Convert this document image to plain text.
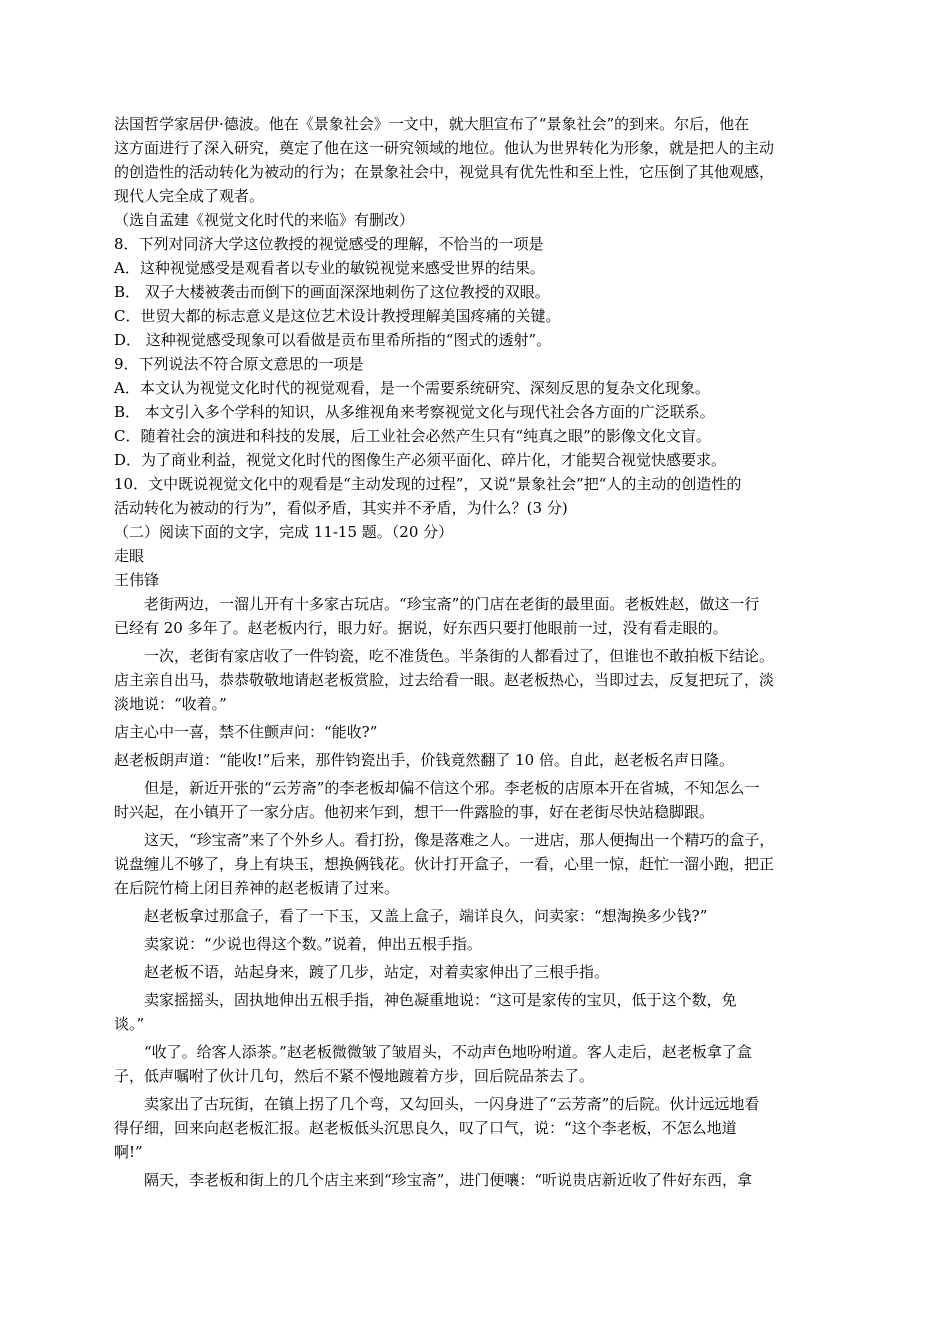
法国哲学家居伊·德波。他在《景象社会》一文中，就大胆宣布了“景象社会”的到来。尔后，他在
这方面进行了深入研究，奠定了他在这一研究领域的地位。他认为世界转化为形象，就是把人的主动
的创造性的活动转化为被动的行为；在景象社会中，视觉具有优先性和至上性，它压倒了其他观感，
现代人完全成了观者。
（选自孟建《视觉文化时代的来临》有删改）
8．下列对同济大学这位教授的视觉感受的理解，不恰当的一项是
A．这种视觉感受是观看者以专业的敏锐视觉来感受世界的结果。
B． 双子大楼被袭击而倒下的画面深深地刺伤了这位教授的双眼。
C．世贸大都的标志意义是这位艺术设计教授理解美国疼痛的关键。
D． 这种视觉感受现象可以看做是贡布里希所指的“图式的透射”。
9．下列说法不符合原文意思的一项是
A．本文认为视觉文化时代的视觉观看，是一个需要系统研究、深刻反思的复杂文化现象。
B． 本文引入多个学科的知识，从多维视角来考察视觉文化与现代社会各方面的广泛联系。
C．随着社会的演进和科技的发展，后工业社会必然产生只有“纯真之眼”的影像文化文盲。
D．为了商业利益，视觉文化时代的图像生产必须平面化、碎片化，才能契合视觉快感要求。
10．文中既说视觉文化中的观看是“主动发现的过程”，又说“景象社会”把“人的主动的创造性的
活动转化为被动的行为”，看似矛盾，其实并不矛盾，为什么？(3 分)
（二）阅读下面的文字，完成 11-15 题。（20 分）
走眼
王伟锋
老街两边，一溜儿开有十多家古玩店。“珍宝斋”的门店在老街的最里面。老板姓赵，做这一行
已经有 20 多年了。赵老板内行，眼力好。据说，好东西只要打他眼前一过，没有看走眼的。
一次，老街有家店收了一件钧瓷，吃不准货色。半条街的人都看过了，但谁也不敢拍板下结论。
店主亲自出马，恭恭敬敬地请赵老板赏脸，过去给看一眼。赵老板热心，当即过去，反复把玩了，淡
淡地说：“收着。”
店主心中一喜，禁不住颤声问：“能收?”
赵老板朗声道：“能收!”后来，那件钧瓷出手，价钱竟然翻了 10 倍。自此，赵老板名声日隆。
但是，新近开张的“云芳斋”的李老板却偏不信这个邪。李老板的店原本开在省城，不知怎么一
时兴起，在小镇开了一家分店。他初来乍到，想干一件露脸的事，好在老街尽快站稳脚跟。
这天，“珍宝斋”来了个外乡人。看打扮，像是落难之人。一进店，那人便掏出一个精巧的盒子，
说盘缠儿不够了，身上有块玉，想换俩钱花。伙计打开盒子，一看，心里一惊，赶忙一溜小跑，把正
在后院竹椅上闭目养神的赵老板请了过来。
赵老板拿过那盒子，看了一下玉，又盖上盒子，端详良久，问卖家：“想淘换多少钱?”
卖家说：“少说也得这个数。”说着，伸出五根手指。
赵老板不语，站起身来，踱了几步，站定，对着卖家伸出了三根手指。
卖家摇摇头，固执地伸出五根手指，神色凝重地说：“这可是家传的宝贝，低于这个数，免
谈。”
“收了。给客人添茶。”赵老板微微皱了皱眉头，不动声色地吩咐道。客人走后，赵老板拿了盒
子，低声嘱咐了伙计几句，然后不紧不慢地踱着方步，回后院品茶去了。
卖家出了古玩街，在镇上拐了几个弯，又勾回头，一闪身进了“云芳斋”的后院。伙计远远地看
得仔细，回来向赵老板汇报。赵老板低头沉思良久，叹了口气，说：“这个李老板，不怎么地道
啊!”
隔天，李老板和街上的几个店主来到“珍宝斋”，进门便嚷：“听说贵店新近收了件好东西，拿
